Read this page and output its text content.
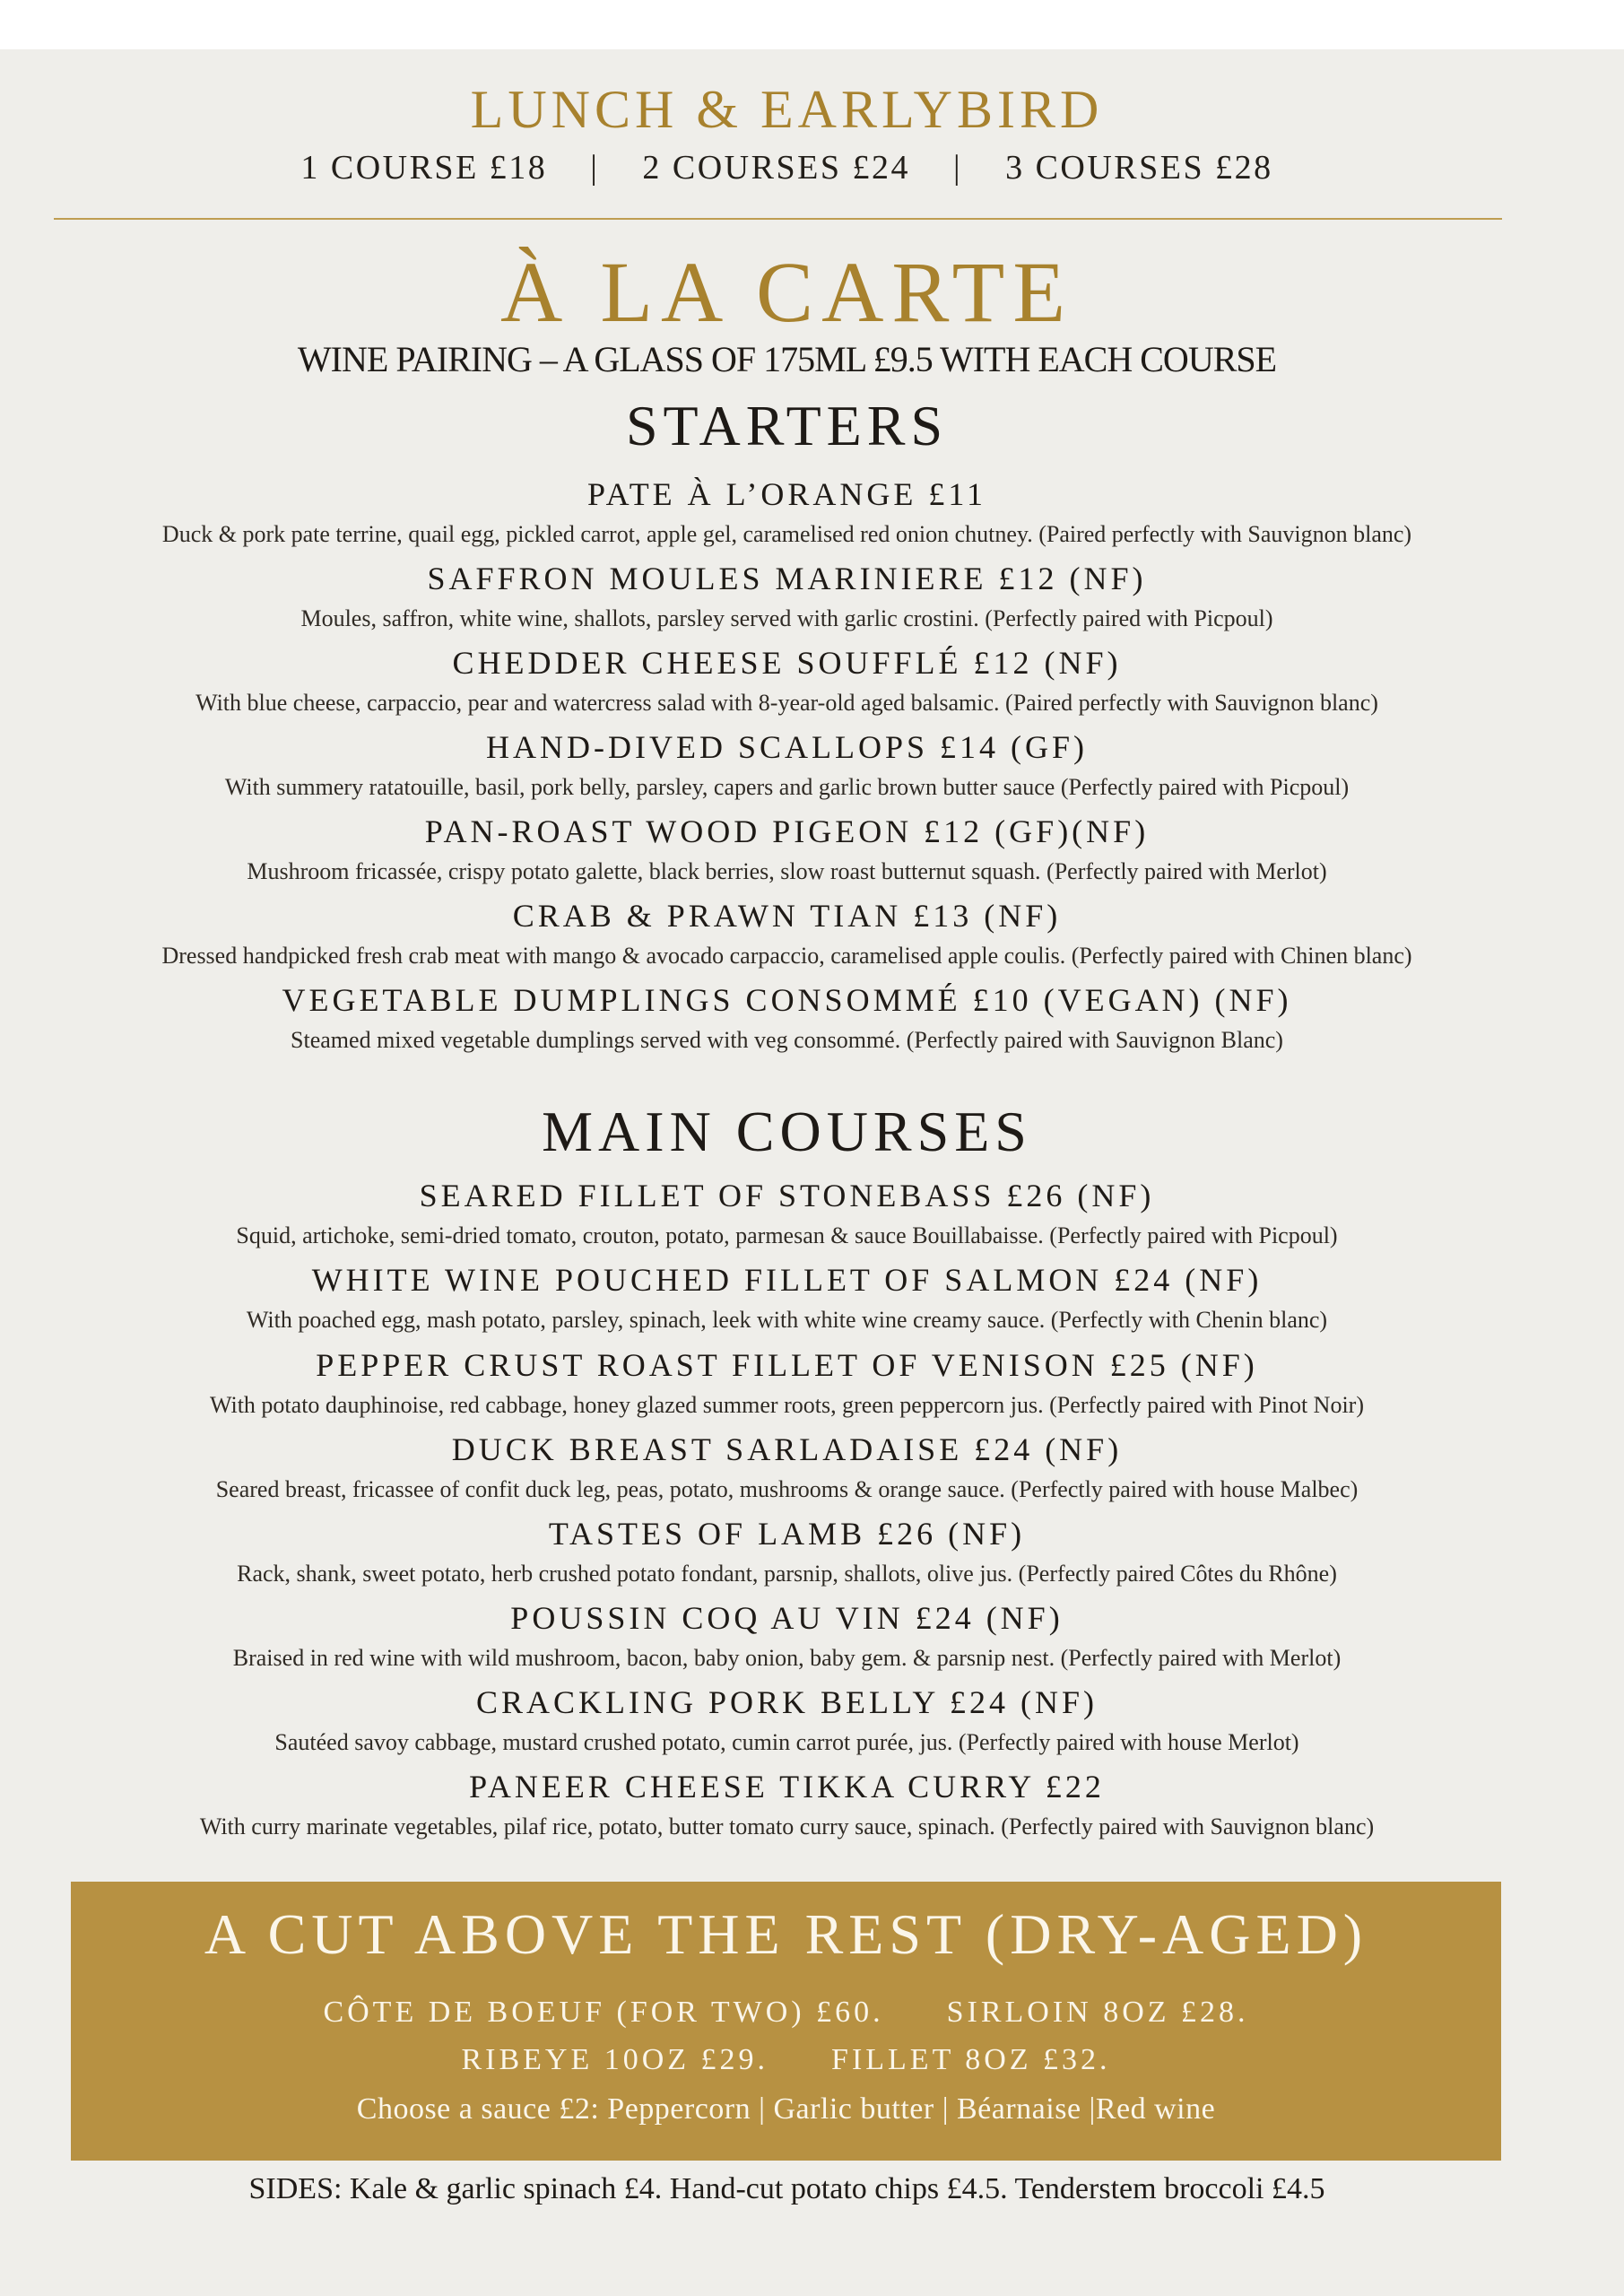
LUNCH & EARLYBIRD
1 COURSE £18 | 2 COURSES £24 | 3 COURSES £28
À LA CARTE
WINE PAIRING – A GLASS OF 175ML £9.5 WITH EACH COURSE
STARTERS
PATE À L’ORANGE £11
Duck & pork pate terrine, quail egg, pickled carrot, apple gel, caramelised red onion chutney. (Paired perfectly with Sauvignon blanc)
SAFFRON MOULES MARINIERE £12 (NF)
Moules, saffron, white wine, shallots, parsley served with garlic crostini. (Perfectly paired with Picpoul)
CHEDDER CHEESE SOUFFLÉ £12 (NF)
With blue cheese, carpaccio, pear and watercress salad with 8-year-old aged balsamic. (Paired perfectly with Sauvignon blanc)
HAND-DIVED SCALLOPS £14 (GF)
With summery ratatouille, basil, pork belly, parsley, capers and garlic brown butter sauce (Perfectly paired with Picpoul)
PAN-ROAST WOOD PIGEON £12 (GF)(NF)
Mushroom fricassée, crispy potato galette, black berries, slow roast butternut squash. (Perfectly paired with Merlot)
CRAB & PRAWN TIAN £13 (NF)
Dressed handpicked fresh crab meat with mango & avocado carpaccio, caramelised apple coulis. (Perfectly paired with Chinen blanc)
VEGETABLE DUMPLINGS CONSOMMÉ £10 (VEGAN) (NF)
Steamed mixed vegetable dumplings served with veg consommé. (Perfectly paired with Sauvignon Blanc)
MAIN COURSES
SEARED FILLET OF STONEBASS £26 (NF)
Squid, artichoke, semi-dried tomato, crouton, potato, parmesan & sauce Bouillabaisse. (Perfectly paired with Picpoul)
WHITE WINE POUCHED FILLET OF SALMON £24 (NF)
With poached egg, mash potato, parsley, spinach, leek with white wine creamy sauce. (Perfectly with Chenin blanc)
PEPPER CRUST ROAST FILLET OF VENISON £25 (NF)
With potato dauphinoise, red cabbage, honey glazed summer roots, green peppercorn jus. (Perfectly paired with Pinot Noir)
DUCK BREAST SARLADAISE £24 (NF)
Seared breast, fricassee of confit duck leg, peas, potato, mushrooms & orange sauce. (Perfectly paired with house Malbec)
TASTES OF LAMB £26 (NF)
Rack, shank, sweet potato, herb crushed potato fondant, parsnip, shallots, olive jus. (Perfectly paired Côtes du Rhône)
POUSSIN COQ AU VIN £24 (NF)
Braised in red wine with wild mushroom, bacon, baby onion, baby gem. & parsnip nest. (Perfectly paired with Merlot)
CRACKLING PORK BELLY £24 (NF)
Sautéed savoy cabbage, mustard crushed potato, cumin carrot purée, jus. (Perfectly paired with house Merlot)
PANEER CHEESE TIKKA CURRY £22
With curry marinate vegetables, pilaf rice, potato, butter tomato curry sauce, spinach. (Perfectly paired with Sauvignon blanc)
A CUT ABOVE THE REST (DRY-AGED)
CÔTE DE BOEUF (FOR TWO) £60. SIRLOIN 8OZ £28.
RIBEYE 10OZ £29. FILLET 8OZ £32.
Choose a sauce £2: Peppercorn | Garlic butter | Béarnaise |Red wine
SIDES: Kale & garlic spinach £4. Hand-cut potato chips £4.5. Tenderstem broccoli £4.5
